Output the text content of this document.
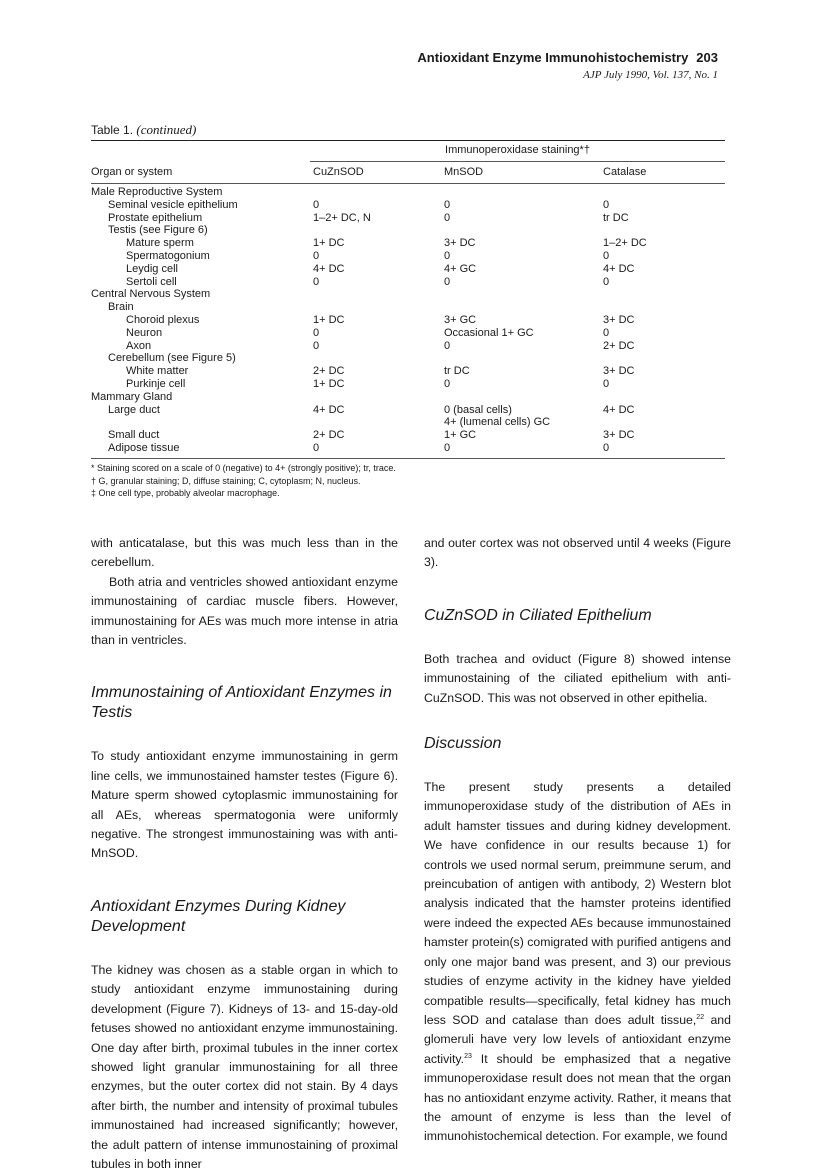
Antioxidant Enzyme Immunohistochemistry 203
AJP July 1990, Vol. 137, No. 1
Table 1. (continued)
Immunoperoxidase staining*†
Organ or system	CuZnSOD	MnSOD	Catalase
Male Reproductive System
Seminal vesicle epithelium	0	0	0
Prostate epithelium	1–2+ DC, N	0	tr DC
Testis (see Figure 6)
Mature sperm	1+ DC	3+ DC	1–2+ DC
Spermatogonium	0	0	0
Leydig cell	4+ DC	4+ GC	4+ DC
Sertoli cell	0	0	0
Central Nervous System
Brain
Choroid plexus	1+ DC	3+ GC	3+ DC
Neuron	0	Occasional 1+ GC	0
Axon	0	0	2+ DC
Cerebellum (see Figure 5)
White matter	2+ DC	tr DC	3+ DC
Purkinje cell	1+ DC	0	0
Mammary Gland
Large duct	4+ DC	0 (basal cells)	4+ DC
4+ (lumenal cells) GC
Small duct	2+ DC	1+ GC	3+ DC
Adipose tissue	0	0	0
* Staining scored on a scale of 0 (negative) to 4+ (strongly positive); tr, trace.
† G, granular staining; D, diffuse staining; C, cytoplasm; N, nucleus.
‡ One cell type, probably alveolar macrophage.

with anticatalase, but this was much less than in the cerebellum.

Both atria and ventricles showed antioxidant enzyme immunostaining of cardiac muscle fibers. However, immunostaining for AEs was much more intense in atria than in ventricles.

Immunostaining of Antioxidant Enzymes in Testis

To study antioxidant enzyme immunostaining in germ line cells, we immunostained hamster testes (Figure 6). Mature sperm showed cytoplasmic immunostaining for all AEs, whereas spermatogonia were uniformly negative. The strongest immunostaining was with anti-MnSOD.

Antioxidant Enzymes During Kidney Development

The kidney was chosen as a stable organ in which to study antioxidant enzyme immunostaining during development (Figure 7). Kidneys of 13- and 15-day-old fetuses showed no antioxidant enzyme immunostaining. One day after birth, proximal tubules in the inner cortex showed light granular immunostaining for all three enzymes, but the outer cortex did not stain. By 4 days after birth, the number and intensity of proximal tubules immunostained had increased significantly; however, the adult pattern of intense immunostaining of proximal tubules in both inner

and outer cortex was not observed until 4 weeks (Figure 3).

CuZnSOD in Ciliated Epithelium

Both trachea and oviduct (Figure 8) showed intense immunostaining of the ciliated epithelium with anti-CuZnSOD. This was not observed in other epithelia.

Discussion

The present study presents a detailed immunoperoxidase study of the distribution of AEs in adult hamster tissues and during kidney development. We have confidence in our results because 1) for controls we used normal serum, preimmune serum, and preincubation of antigen with antibody, 2) Western blot analysis indicated that the hamster proteins identified were indeed the expected AEs because immunostained hamster protein(s) comigrated with purified antigens and only one major band was present, and 3) our previous studies of enzyme activity in the kidney have yielded compatible results—specifically, fetal kidney has much less SOD and catalase than does adult tissue,$^{22}$ and glomeruli have very low levels of antioxidant enzyme activity.$^{23}$ It should be emphasized that a negative immunoperoxidase result does not mean that the organ has no antioxidant enzyme activity. Rather, it means that the amount of enzyme is less than the level of immunohistochemical detection. For example, we found
